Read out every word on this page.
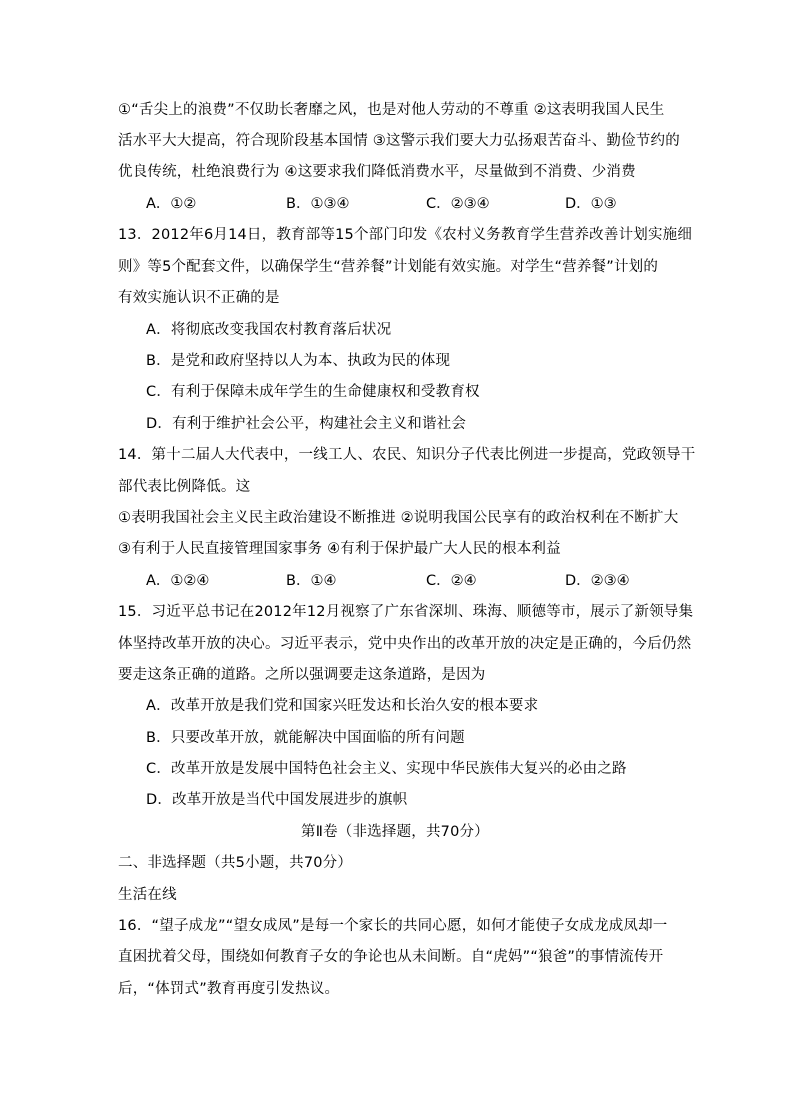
①“舌尖上的浪费”不仅助长奢靡之风，也是对他人劳动的不尊重 ②这表明我国人民生
活水平大大提高，符合现阶段基本国情 ③这警示我们要大力弘扬艰苦奋斗、勤俭节约的
优良传统，杜绝浪费行为 ④这要求我们降低消费水平，尽量做到不消费、少消费
A．①②	B．①③④	C．②③④	D．①③
13．2012年6月14日，教育部等15个部门印发《农村义务教育学生营养改善计划实施细
则》等5个配套文件，以确保学生“营养餐”计划能有效实施。对学生“营养餐”计划的
有效实施认识不正确的是
A．将彻底改变我国农村教育落后状况
B．是党和政府坚持以人为本、执政为民的体现
C．有利于保障未成年学生的生命健康权和受教育权
D．有利于维护社会公平，构建社会主义和谐社会
14．第十二届人大代表中，一线工人、农民、知识分子代表比例进一步提高，党政领导干
部代表比例降低。这
①表明我国社会主义民主政治建设不断推进 ②说明我国公民享有的政治权利在不断扩大
③有利于人民直接管理国家事务 ④有利于保护最广大人民的根本利益
A．①②④	B．①④	C．②④	D．②③④
15．习近平总书记在2012年12月视察了广东省深圳、珠海、顺德等市，展示了新领导集
体坚持改革开放的决心。习近平表示，党中央作出的改革开放的决定是正确的，今后仍然
要走这条正确的道路。之所以强调要走这条道路，是因为
A．改革开放是我们党和国家兴旺发达和长治久安的根本要求
B．只要改革开放，就能解决中国面临的所有问题
C．改革开放是发展中国特色社会主义、实现中华民族伟大复兴的必由之路
D．改革开放是当代中国发展进步的旗帜
第Ⅱ卷（非选择题，共70分）
二、非选择题（共5小题，共70分）
生活在线
16．“望子成龙”“望女成凤”是每一个家长的共同心愿，如何才能使子女成龙成凤却一
直困扰着父母，围绕如何教育子女的争论也从未间断。自“虎妈”“狼爸”的事情流传开
后，“体罚式”教育再度引发热议。
